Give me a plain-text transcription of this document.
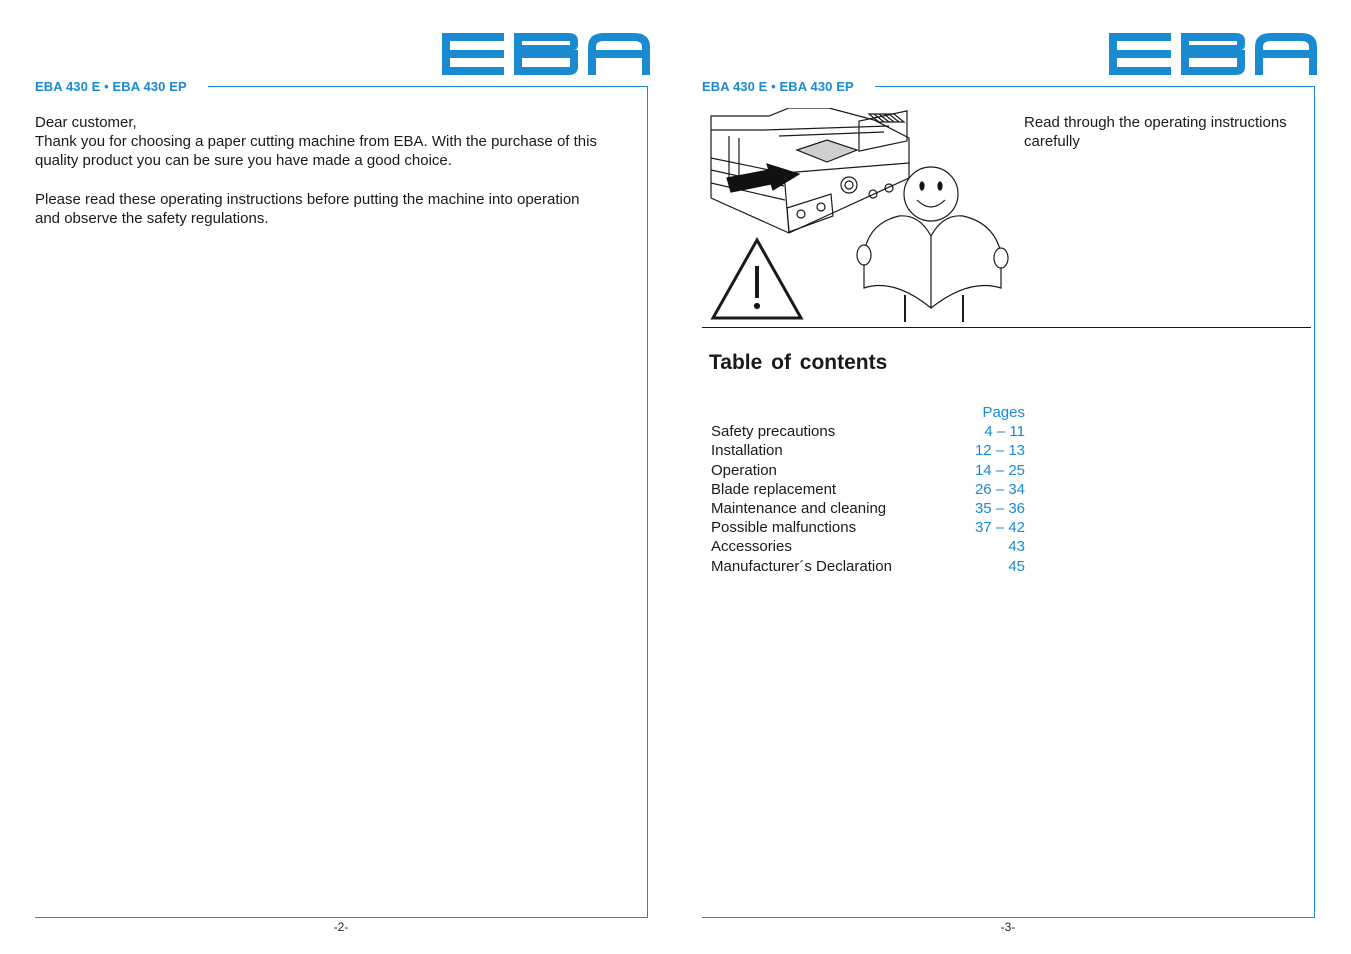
EBA 430 E • EBA 430 EP

Dear customer,

Thank you for choosing a paper cutting machine from EBA. With the purchase of this

quality product you can be sure you have made a good choice.

Please read these operating instructions before putting the machine into operation

and observe the safety regulations.

-2-
EBA 430 E • EBA 430 EP
Read through the operating instructions
carefully
Table of contents
Pages
Safety precautions	4 – 11
Installation	12 – 13
Operation	14 – 25
Blade replacement	26 – 34
Maintenance and cleaning	35 – 36
Possible malfunctions	37 – 42
Accessories	43
Manufacturer´s Declaration	45
-3-
